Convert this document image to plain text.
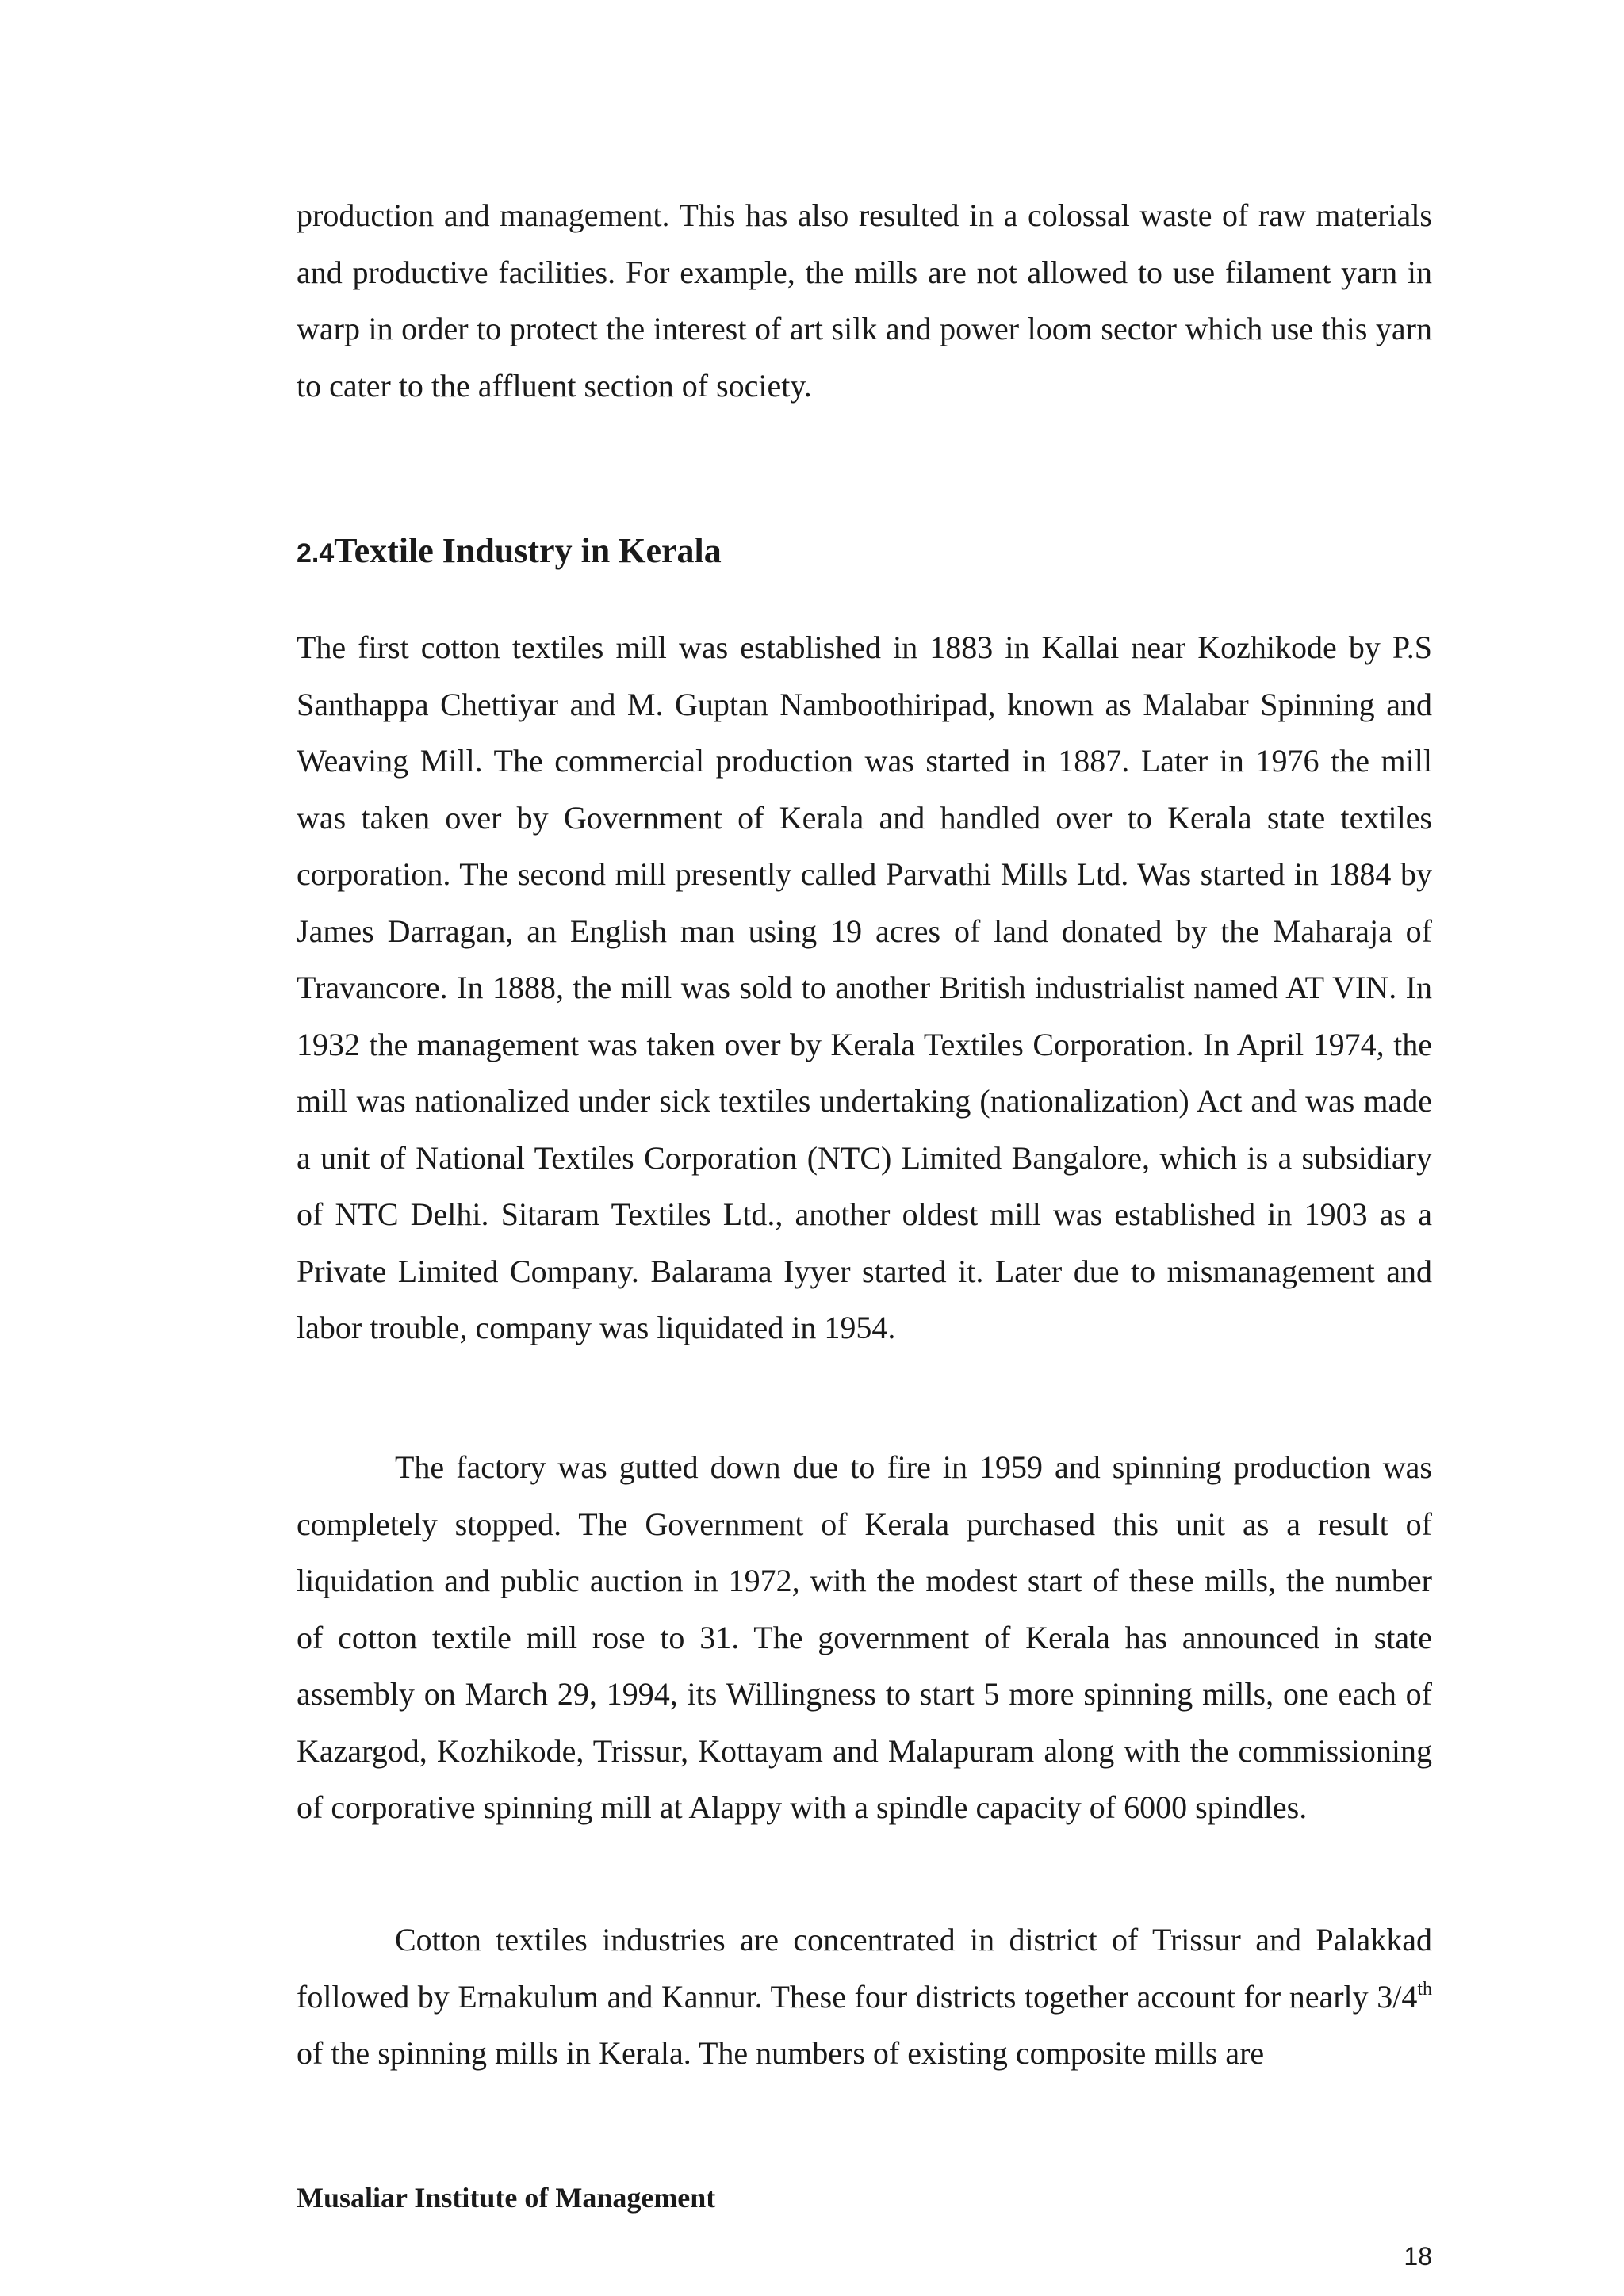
production and management. This has also resulted in a colossal waste of raw materials and productive facilities. For example, the mills are not allowed to use filament yarn in warp in order to protect the interest of art silk and power loom sector which use this yarn to cater to the affluent section of society.

2.4Textile Industry in Kerala

The first cotton textiles mill was established in 1883 in Kallai near Kozhikode by P.S Santhappa Chettiyar and M. Guptan Namboothiripad, known as Malabar Spinning and Weaving Mill. The commercial production was started in 1887. Later in 1976 the mill was taken over by Government of Kerala and handled over to Kerala state textiles corporation. The second mill presently called Parvathi Mills Ltd. Was started in 1884 by James Darragan, an English man using 19 acres of land donated by the Maharaja of Travancore. In 1888, the mill was sold to another British industrialist named AT VIN. In 1932 the management was taken over by Kerala Textiles Corporation. In April 1974, the mill was nationalized under sick textiles undertaking (nationalization) Act and was made a unit of National Textiles Corporation (NTC) Limited Bangalore, which is a subsidiary of NTC Delhi. Sitaram Textiles Ltd., another oldest mill was established in 1903 as a Private Limited Company. Balarama Iyyer started it. Later due to mismanagement and labor trouble, company was liquidated in 1954.

The factory was gutted down due to fire in 1959 and spinning production was completely stopped. The Government of Kerala purchased this unit as a result of liquidation and public auction in 1972, with the modest start of these mills, the number of cotton textile mill rose to 31. The government of Kerala has announced in state assembly on March 29, 1994, its Willingness to start 5 more spinning mills, one each of Kazargod, Kozhikode, Trissur, Kottayam and Malapuram along with the commissioning of corporative spinning mill at Alappy with a spindle capacity of 6000 spindles.

Cotton textiles industries are concentrated in district of Trissur and Palakkad followed by Ernakulum and Kannur. These four districts together account for nearly 3/4th of the spinning mills in Kerala. The numbers of existing composite mills are

Musaliar Institute of Management

18
